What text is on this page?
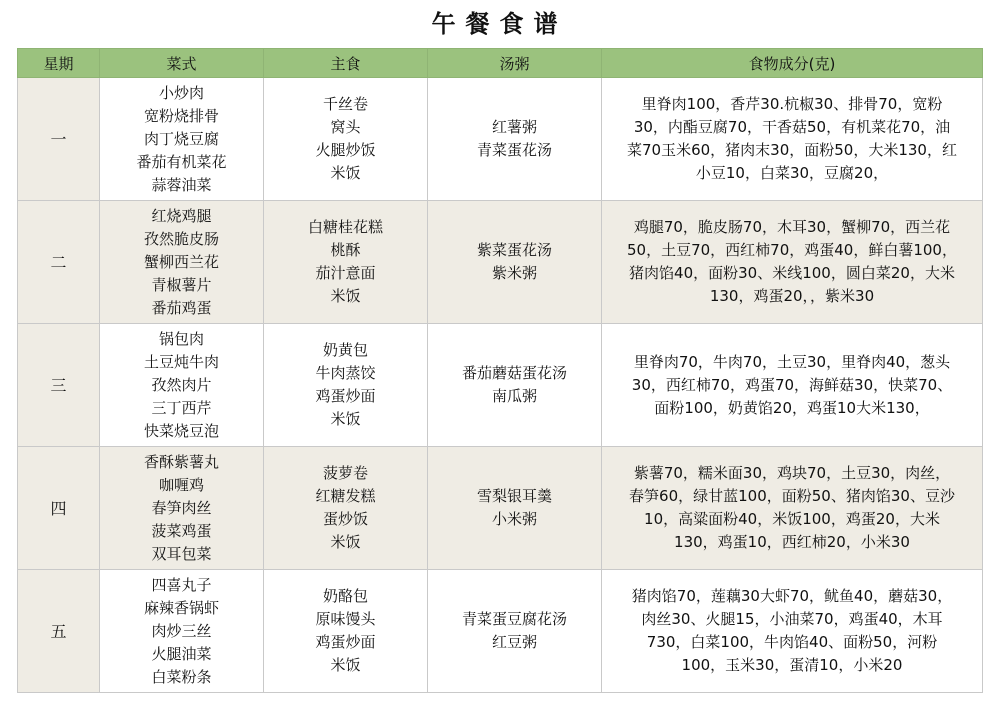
午餐食谱
星期	菜式	主食	汤粥	食物成分(克)
一	小炒肉
宽粉烧排骨
肉丁烧豆腐
番茄有机菜花
蒜蓉油菜	千丝卷
窝头
火腿炒饭
米饭	红薯粥
青菜蛋花汤	里脊肉100，香芹30.杭椒30、排骨70，宽粉
30，内酯豆腐70，干香菇50，有机菜花70，油
菜70玉米60，猪肉末30，面粉50，大米130，红
小豆10，白菜30，豆腐20，

二	红烧鸡腿
孜然脆皮肠
蟹柳西兰花
青椒薯片
番茄鸡蛋	白糖桂花糕
桃酥
茄汁意面
米饭	紫菜蛋花汤
紫米粥	鸡腿70，脆皮肠70，木耳30，蟹柳70，西兰花
50，土豆70，西红柿70，鸡蛋40，鲜白薯100，
猪肉馅40，面粉30、米线100，圆白菜20，大米
130，鸡蛋20，，紫米30

三	锅包肉
土豆炖牛肉
孜然肉片
三丁西芹
快菜烧豆泡	奶黄包
牛肉蒸饺
鸡蛋炒面
米饭	番茄蘑菇蛋花汤
南瓜粥	里脊肉70，牛肉70，土豆30，里脊肉40，葱头
30，西红柿70，鸡蛋70，海鲜菇30，快菜70、
面粉100，奶黄馅20，鸡蛋10大米130，

四	香酥紫薯丸
咖喱鸡
春笋肉丝
菠菜鸡蛋
双耳包菜	菠萝卷
红糖发糕
蛋炒饭
米饭	雪梨银耳羹
小米粥	紫薯70，糯米面30，鸡块70，土豆30，肉丝，
春笋60，绿甘蓝100，面粉50、猪肉馅30、豆沙
10，高粱面粉40，米饭100，鸡蛋20，大米
130，鸡蛋10，西红柿20，小米30

五	四喜丸子
麻辣香锅虾
肉炒三丝
火腿油菜
白菜粉条	奶酪包
原味馒头
鸡蛋炒面
米饭	青菜蛋豆腐花汤
红豆粥	猪肉馅70，莲藕30大虾70，鱿鱼40，蘑菇30，
肉丝30、火腿15，小油菜70，鸡蛋40，木耳
730，白菜100，牛肉馅40、面粉50，河粉
100，玉米30，蛋清10，小米20
